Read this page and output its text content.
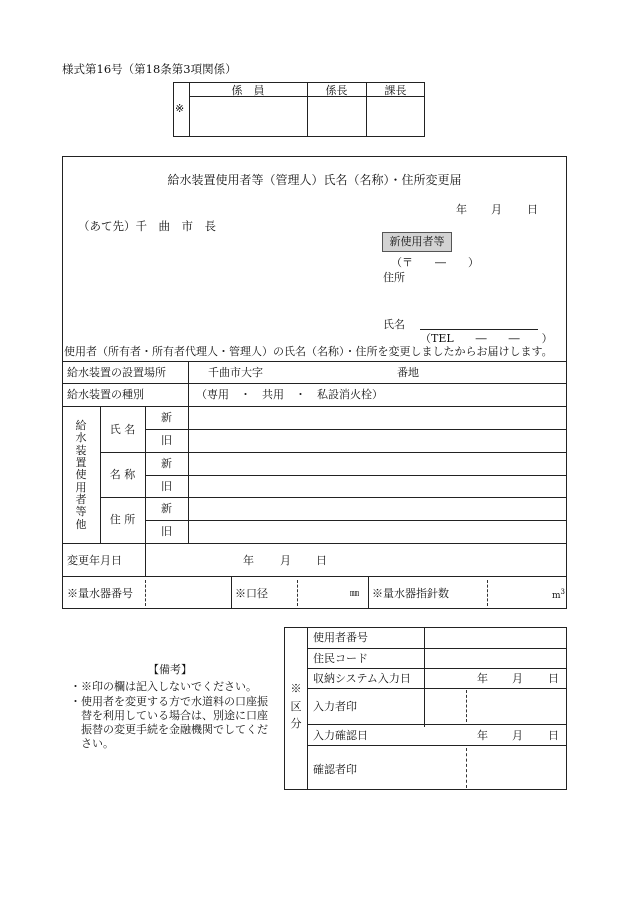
様式第16号（第18条第3項関係）
※
係　員	係長	課長
給水装置使用者等（管理人）氏名（名称）・住所変更届
年 月 日
（あて先）千　曲　市　長
新使用者等
（〒　　―　　）
住所
氏名
（TEL　　―　　―　　）
使用者（所有者・所有者代理人・管理人）の氏名（名称）・住所を変更しましたからお届けします。
給水装置の設置場所	千曲市大字	番地
給水装置の種別	（専用　・　共用　・　私設消火栓）
給水装置使用者等他
氏 名
新
旧
名 称
新
旧
住 所
新
旧
変更年月日	年 月 日
※量水器番号	※口径	㎜ ※量水器指針数	$m^3$
【備考】
・※印の欄は記入しないでください。
・使用者を変更する方で水道料の口座振
　替を利用している場合は、別途に口座
　振替の変更手続を金融機関でしてくだ
　さい。
※区分
使用者番号
住民コード
収納システム入力日	年 月 日
入力者印
入力確認日	年 月 日
確認者印
